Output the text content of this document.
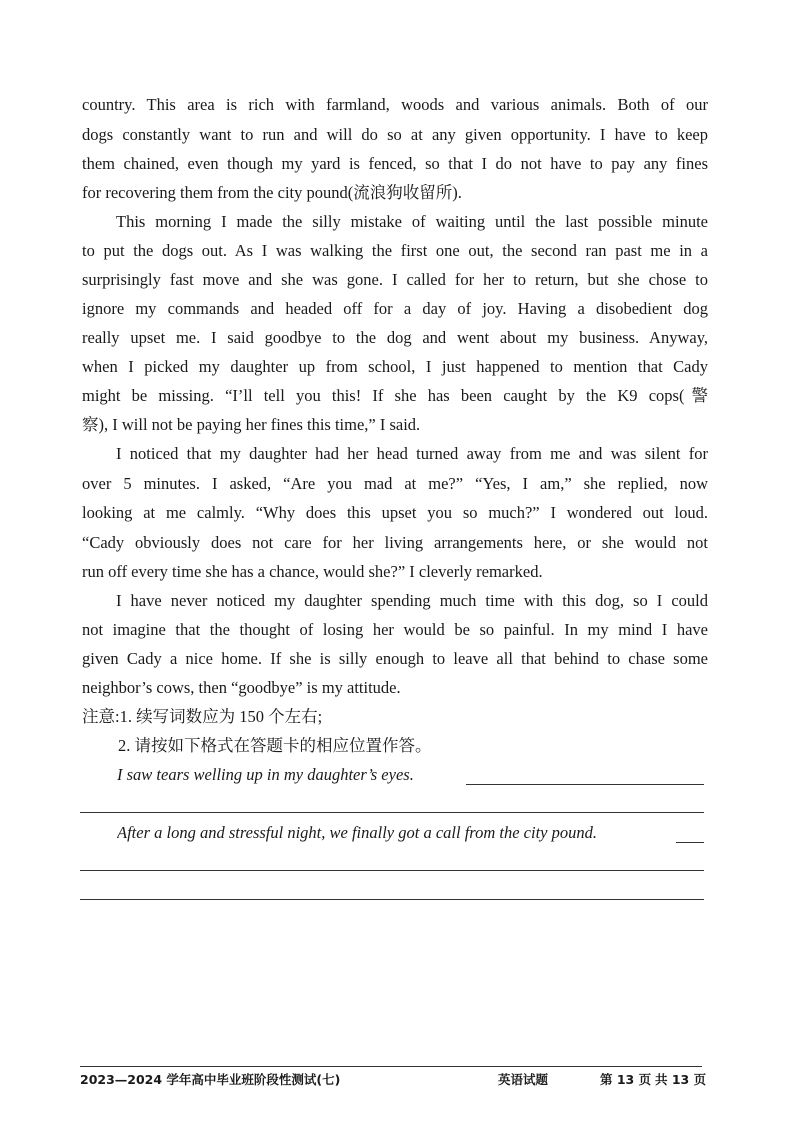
country. This area is rich with farmland, woods and various animals. Both of our
dogs constantly want to run and will do so at any given opportunity. I have to keep
them chained, even though my yard is fenced, so that I do not have to pay any fines
for recovering them from the city pound(流浪狗收留所).
This morning I made the silly mistake of waiting until the last possible minute
to put the dogs out. As I was walking the first one out, the second ran past me in a
surprisingly fast move and she was gone. I called for her to return, but she chose to
ignore my commands and headed off for a day of joy. Having a disobedient dog
really upset me. I said goodbye to the dog and went about my business. Anyway,
when I picked my daughter up from school, I just happened to mention that Cady
might be missing. “I’ll tell you this! If she has been caught by the K9 cops(警
察), I will not be paying her fines this time,” I said.
I noticed that my daughter had her head turned away from me and was silent for
over 5 minutes. I asked, “Are you mad at me?” “Yes, I am,” she replied, now
looking at me calmly. “Why does this upset you so much?” I wondered out loud.
“Cady obviously does not care for her living arrangements here, or she would not
run off every time she has a chance, would she?” I cleverly remarked.
I have never noticed my daughter spending much time with this dog, so I could
not imagine that the thought of losing her would be so painful. In my mind I have
given Cady a nice home. If she is silly enough to leave all that behind to chase some
neighbor’s cows, then “goodbye” is my attitude.
注意:1. 续写词数应为 150 个左右;
2. 请按如下格式在答题卡的相应位置作答。
I saw tears welling up in my daughter’s eyes.
After a long and stressful night, we finally got a call from the city pound.
2023—2024 学年高中毕业班阶段性测试(七)	英语试题	第 13 页 共 13 页
